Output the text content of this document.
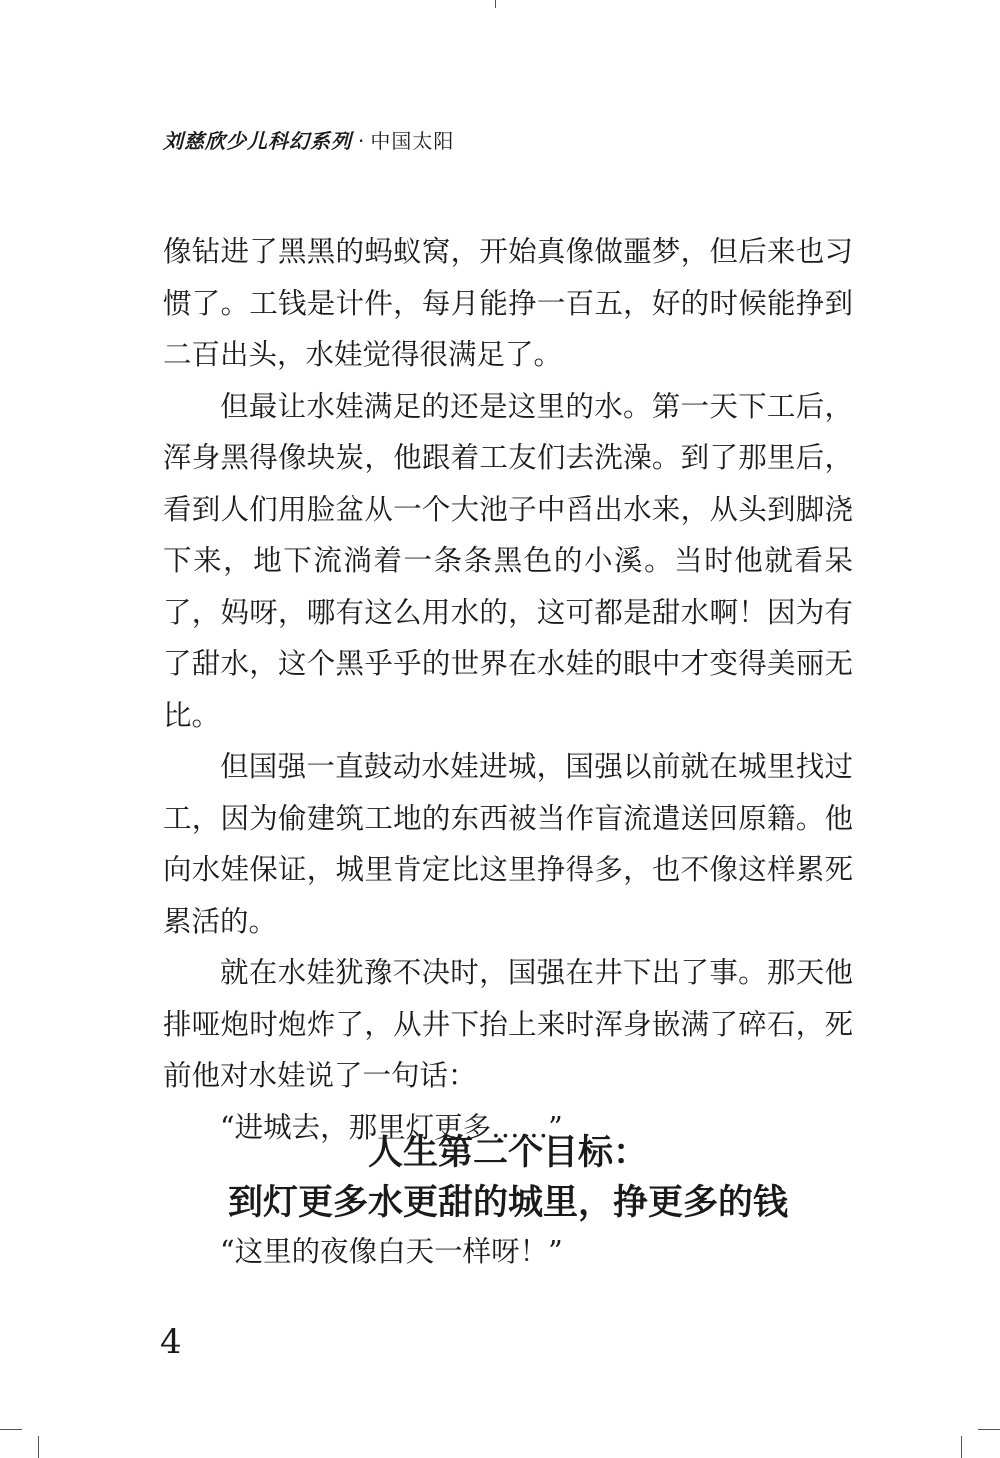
刘慈欣少儿科幻系列 · 中国太阳

像钻进了黑黑的蚂蚁窝，开始真像做噩梦，但后来也习惯了。工钱是计件，每月能挣一百五，好的时候能挣到二百出头，水娃觉得很满足了。

但最让水娃满足的还是这里的水。第一天下工后，浑身黑得像块炭，他跟着工友们去洗澡。到了那里后，看到人们用脸盆从一个大池子中舀出水来，从头到脚浇下来，地下流淌着一条条黑色的小溪。当时他就看呆了，妈呀，哪有这么用水的，这可都是甜水啊！因为有了甜水，这个黑乎乎的世界在水娃的眼中才变得美丽无比。

但国强一直鼓动水娃进城，国强以前就在城里找过工，因为偷建筑工地的东西被当作盲流遣送回原籍。他向水娃保证，城里肯定比这里挣得多，也不像这样累死累活的。

就在水娃犹豫不决时，国强在井下出了事。那天他排哑炮时炮炸了，从井下抬上来时浑身嵌满了碎石，死前他对水娃说了一句话：

“进城去，那里灯更多……”

人生第二个目标：
到灯更多水更甜的城里，挣更多的钱

“这里的夜像白天一样呀！”

4
